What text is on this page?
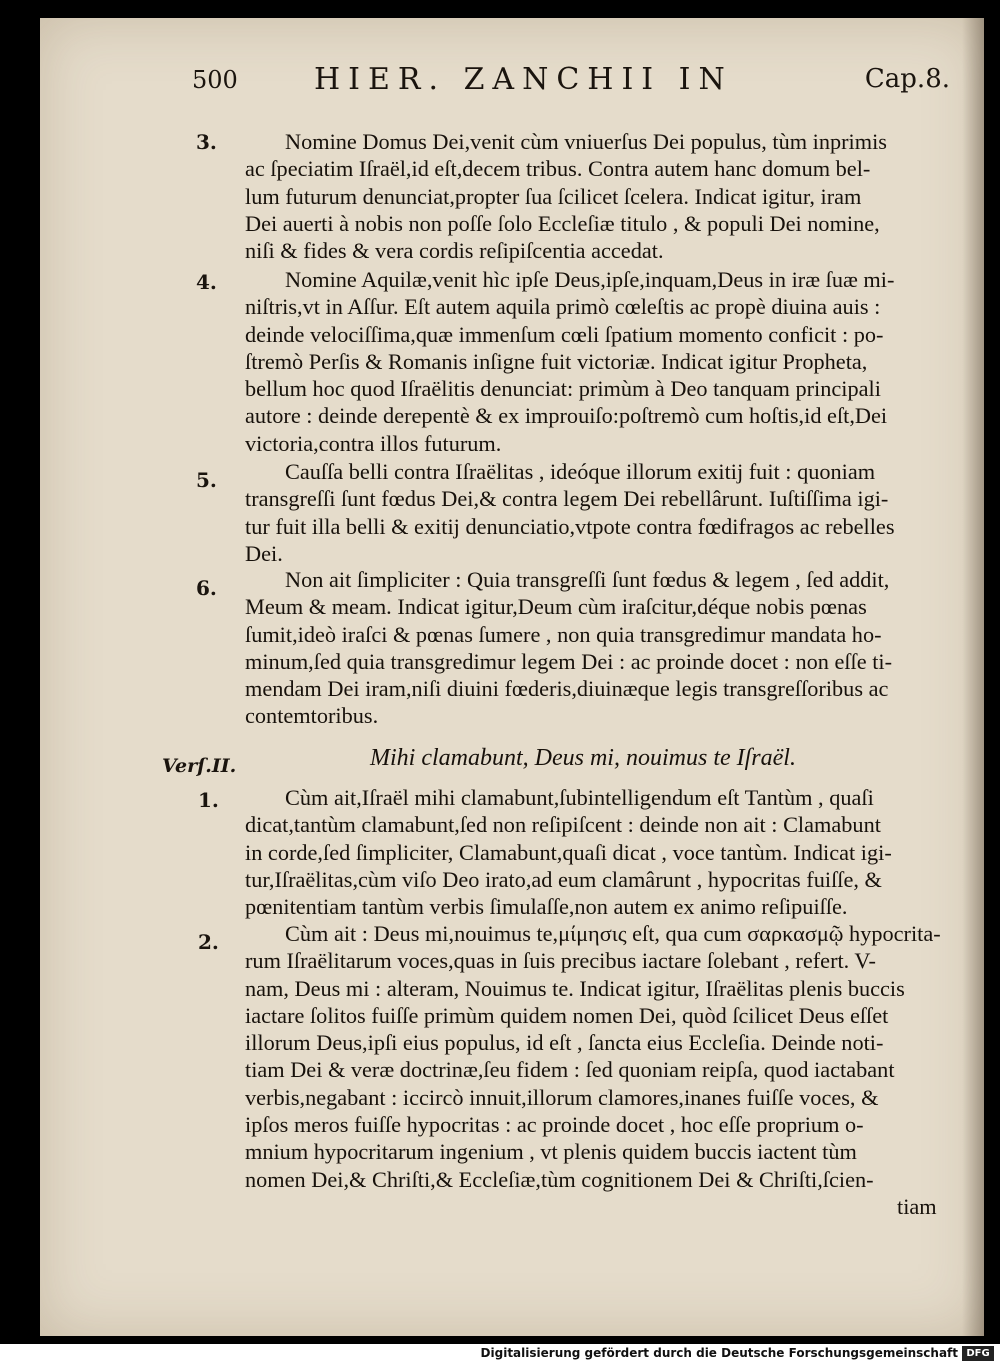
500	HIER. ZANCHII IN	Cap.8.
3.
4.
5.
6.
Verſ.II.
1.
2.
Nomine Domus Dei,venit cùm vniuerſus Dei populus, tùm inprimis
ac ſpeciatim Iſraël,id eſt,decem tribus. Contra autem hanc domum bel-
lum futurum denunciat,propter ſua ſcilicet ſcelera. Indicat igitur, iram
Dei auerti à nobis non poſſe ſolo Eccleſiæ titulo , & populi Dei nomine,
niſi & fides & vera cordis reſipiſcentia accedat.
Nomine Aquilæ,venit hìc ipſe Deus,ipſe,inquam,Deus in iræ ſuæ mi-
niſtris,vt in Aſſur. Eſt autem aquila primò cœleſtis ac propè diuina auis :
deinde velociſſima,quæ immenſum cœli ſpatium momento conficit : po-
ſtremò Perſis & Romanis inſigne fuit victoriæ. Indicat igitur Propheta,
bellum hoc quod Iſraëlitis denunciat: primùm à Deo tanquam principali
autore : deinde derepentè & ex improuiſo:poſtremò cum hoſtis,id eſt,Dei
victoria,contra illos futurum.
Cauſſa belli contra Iſraëlitas , ideóque illorum exitij fuit : quoniam
transgreſſi ſunt fœdus Dei,& contra legem Dei rebellârunt. Iuſtiſſima igi-
tur fuit illa belli & exitij denunciatio,vtpote contra fœdifragos ac rebelles
Dei.
Non ait ſimpliciter : Quia transgreſſi ſunt fœdus & legem , ſed addit,
Meum & meam. Indicat igitur,Deum cùm iraſcitur,déque nobis pœnas
ſumit,ideò iraſci & pœnas ſumere , non quia transgredimur mandata ho-
minum,ſed quia transgredimur legem Dei : ac proinde docet : non eſſe ti-
mendam Dei iram,niſi diuini fœderis,diuinæque legis transgreſſoribus ac
contemtoribus.
Mihi clamabunt, Deus mi, nouimus te Iſraël.
Cùm ait,Iſraël mihi clamabunt,ſubintelligendum eſt Tantùm , quaſi
dicat,tantùm clamabunt,ſed non reſipiſcent : deinde non ait : Clamabunt
in corde,ſed ſimpliciter, Clamabunt,quaſi dicat , voce tantùm. Indicat igi-
tur,Iſraëlitas,cùm viſo Deo irato,ad eum clamârunt , hypocritas fuiſſe, &
pœnitentiam tantùm verbis ſimulaſſe,non autem ex animo reſipuiſſe.
Cùm ait : Deus mi,nouimus te,μίμησις eſt, qua cum σαρκασμῷ hypocrita-
rum Iſraëlitarum voces,quas in ſuis precibus iactare ſolebant , refert. V-
nam, Deus mi : alteram, Nouimus te. Indicat igitur, Iſraëlitas plenis buccis
iactare ſolitos fuiſſe primùm quidem nomen Dei, quòd ſcilicet Deus eſſet
illorum Deus,ipſi eius populus, id eſt , ſancta eius Eccleſia. Deinde noti-
tiam Dei & veræ doctrinæ,ſeu fidem : ſed quoniam reipſa, quod iactabant
verbis,negabant : iccircò innuit,illorum clamores,inanes fuiſſe voces, &
ipſos meros fuiſſe hypocritas : ac proinde docet , hoc eſſe proprium o-
mnium hypocritarum ingenium , vt plenis quidem buccis iactent tùm
nomen Dei,& Chriſti,& Eccleſiæ,tùm cognitionem Dei & Chriſti,ſcien-
tiam
Digitalisierung gefördert durch die Deutsche Forschungsgemeinschaft DFG
